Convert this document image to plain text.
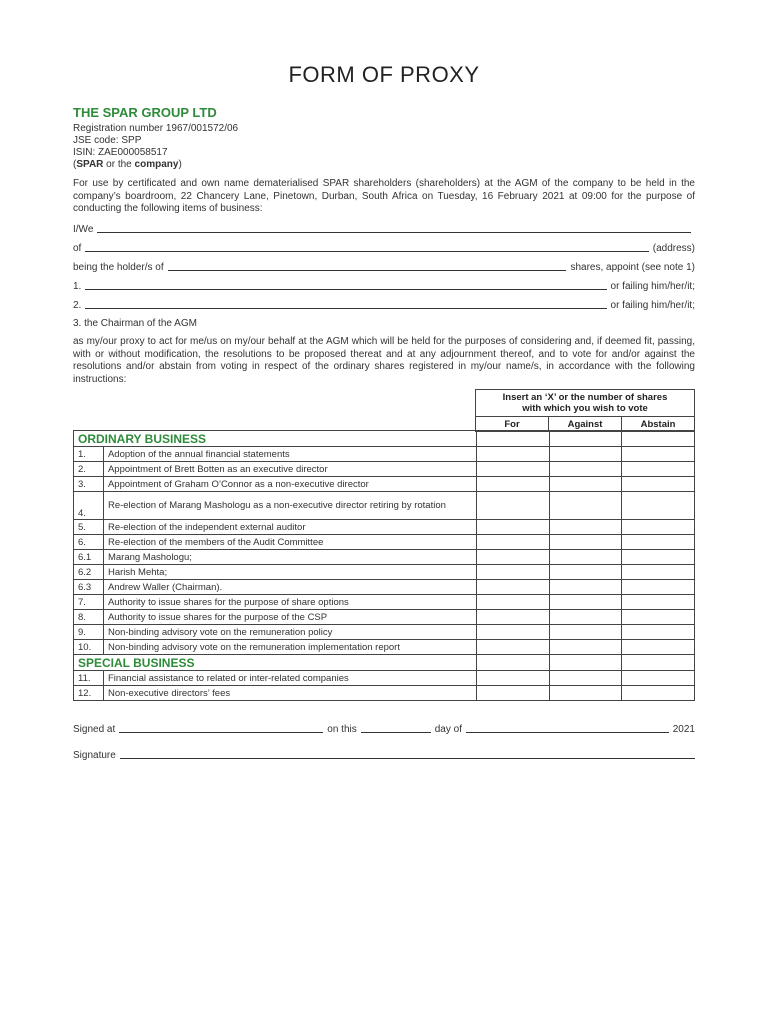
FORM OF PROXY
THE SPAR GROUP LTD
Registration number 1967/001572/06
JSE code: SPP
ISIN: ZAE000058517
(SPAR or the company)
For use by certificated and own name dematerialised SPAR shareholders (shareholders) at the AGM of the company to be held in the company’s boardroom, 22 Chancery Lane, Pinetown, Durban, South Africa on Tuesday, 16 February 2021 at 09:00 for the purpose of conducting the following items of business:
I/We
of	(address)
being the holder/s of	shares, appoint (see note 1)
1.	or failing him/her/it;
2.	or failing him/her/it;
3. the Chairman of the AGM
as my/our proxy to act for me/us on my/our behalf at the AGM which will be held for the purposes of considering and, if deemed fit, passing, with or without modification, the resolutions to be proposed thereat and at any adjournment thereof, and to vote for and/or against the resolutions and/or abstain from voting in respect of the ordinary shares registered in my/our name/s, in accordance with the following instructions:
Insert an ‘X’ or the number of shares
with which you wish to vote

For	Against	Abstain
ORDINARY BUSINESS				
1.	Adoption of the annual financial statements			
2.	Appointment of Brett Botten as an executive director			
3.	Appointment of Graham O’Connor as a non-executive director			
4.	Re-election of Marang Mashologu as a non-executive director retiring by rotation			
5.	Re-election of the independent external auditor			
6.	Re-election of the members of the Audit Committee			
6.1	Marang Mashologu;			
6.2	Harish Mehta;			
6.3	Andrew Waller (Chairman).			
7.	Authority to issue shares for the purpose of share options			
8.	Authority to issue shares for the purpose of the CSP			
9.	Non-binding advisory vote on the remuneration policy			
10.	Non-binding advisory vote on the remuneration implementation report			
SPECIAL BUSINESS				
11.	Financial assistance to related or inter-related companies			
12.	Non-executive directors’ fees			
Signed at	on this	day of	2021
Signature
